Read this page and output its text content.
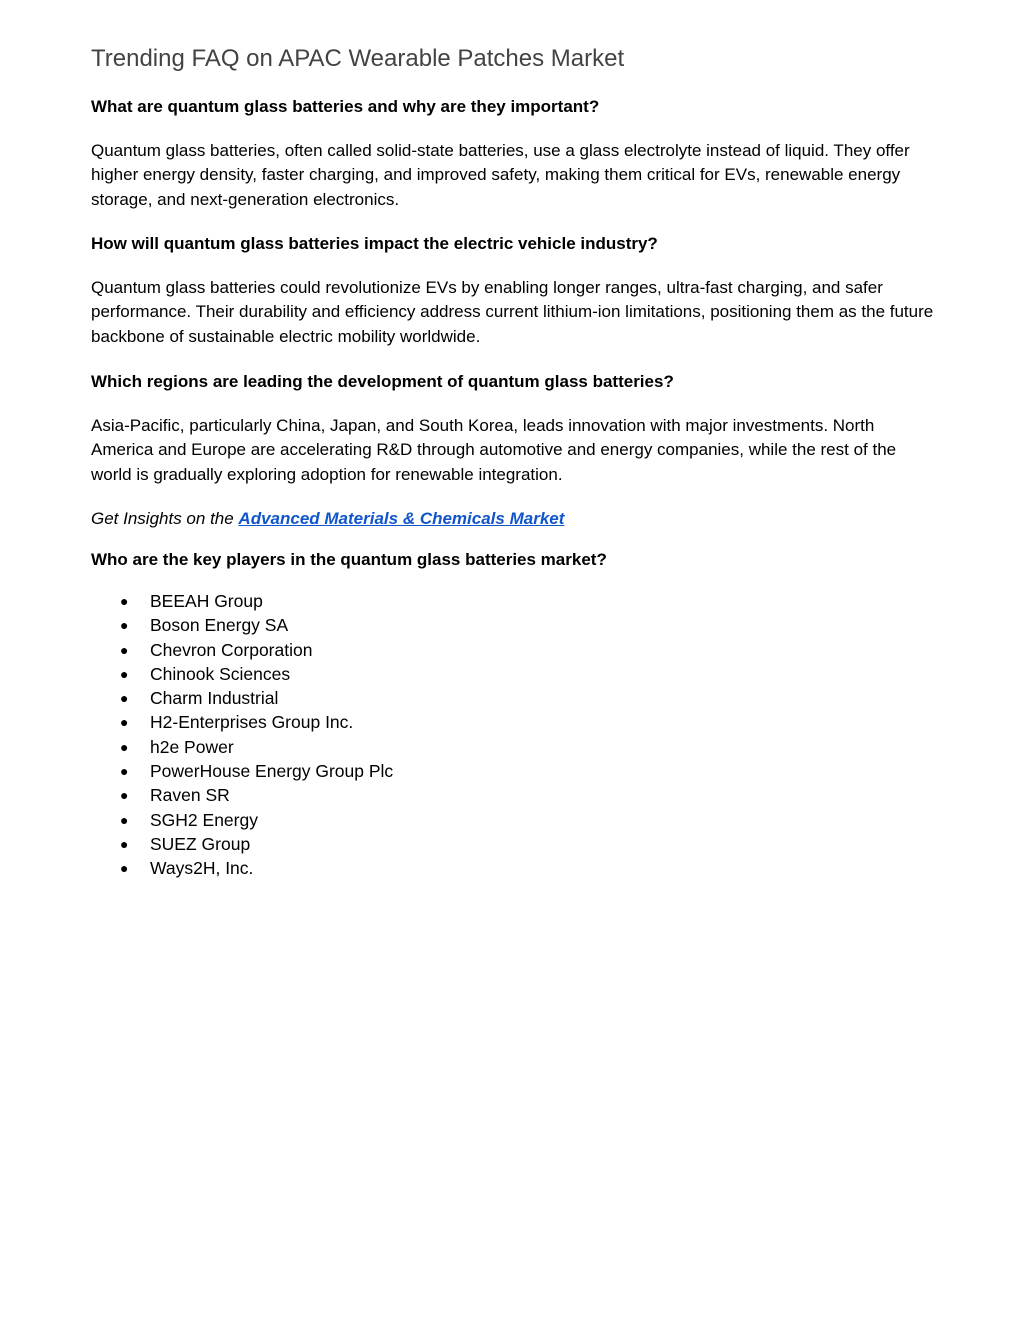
Trending FAQ on APAC Wearable Patches Market

What are quantum glass batteries and why are they important?

Quantum glass batteries, often called solid-state batteries, use a glass electrolyte instead of liquid. They offer higher energy density, faster charging, and improved safety, making them critical for EVs, renewable energy storage, and next-generation electronics.

How will quantum glass batteries impact the electric vehicle industry?

Quantum glass batteries could revolutionize EVs by enabling longer ranges, ultra-fast charging, and safer performance. Their durability and efficiency address current lithium-ion limitations, positioning them as the future backbone of sustainable electric mobility worldwide.

Which regions are leading the development of quantum glass batteries?

Asia-Pacific, particularly China, Japan, and South Korea, leads innovation with major investments. North America and Europe are accelerating R&D through automotive and energy companies, while the rest of the world is gradually exploring adoption for renewable integration.

Get Insights on the Advanced Materials & Chemicals Market

Who are the key players in the quantum glass batteries market?

● BEEAH Group
● Boson Energy SA
● Chevron Corporation
● Chinook Sciences
● Charm Industrial
● H2-Enterprises Group Inc.
● h2e Power
● PowerHouse Energy Group Plc
● Raven SR
● SGH2 Energy
● SUEZ Group
● Ways2H, Inc.
